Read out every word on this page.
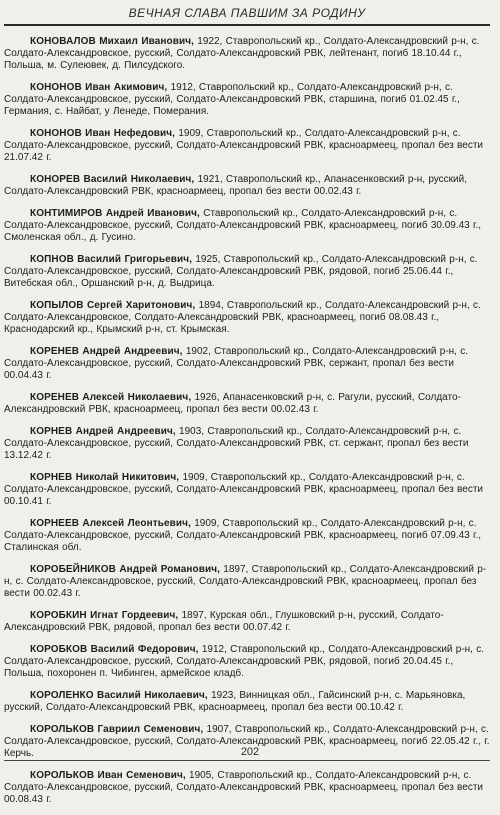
ВЕЧНАЯ СЛАВА ПАВШИМ ЗА РОДИНУ

КОНОВАЛОВ Михаил Иванович, 1922, Ставропольский кр., Солдато-Александровский р-н, с. Солдато-Александровское, русский, Солдато-Александровский РВК, лейтенант, погиб 18.10.44 г., Польша, м. Сулеювек, д. Пилсудского.

КОНОНОВ Иван Акимович, 1912, Ставропольский кр., Солдато-Александровский р-н, с. Солдато-Александровское, русский, Солдато-Александровский РВК, старшина, погиб 01.02.45 г., Германия, с. Найбат, у Ленеде, Померания.

КОНОНОВ Иван Нефедович, 1909, Ставропольский кр., Солдато-Александровский р-н, с. Солдато-Александровское, русский, Солдато-Александровский РВК, красноармеец, пропал без вести 21.07.42 г.

КОНОРЕВ Василий Николаевич, 1921, Ставропольский кр., Апанасенковский р-н, русский, Солдато-Александровский РВК, красноармеец, пропал без вести 00.02.43 г.

КОНТИМИРОВ Андрей Иванович, Ставропольский кр., Солдато-Александровский р-н, с. Солдато-Александровское, русский, Солдато-Александровский РВК, красноармеец, погиб 30.09.43 г., Смоленская обл., д. Гусино.

КОПНОВ Василий Григорьевич, 1925, Ставропольский кр., Солдато-Александровский р-н, с. Солдато-Александровское, русский, Солдато-Александровский РВК, рядовой, погиб 25.06.44 г., Витебская обл., Оршанский р-н, д. Выдрица.

КОПЫЛОВ Сергей Харитонович, 1894, Ставропольский кр., Солдато-Александровский р-н, с. Солдато-Александровское, Солдато-Александровский РВК, красноармеец, погиб 08.08.43 г., Краснодарский кр., Крымский р-н, ст. Крымская.

КОРЕНЕВ Андрей Андреевич, 1902, Ставропольский кр., Солдато-Александровский р-н, с. Солдато-Александровское, русский, Солдато-Александровский РВК, сержант, пропал без вести 00.04.43 г.

КОРЕНЕВ Алексей Николаевич, 1926, Апанасенковский р-н, с. Рагули, русский, Солдато-Александровский РВК, красноармеец, пропал без вести 00.02.43 г.

КОРНЕВ Андрей Андреевич, 1903, Ставропольский кр., Солдато-Александровский р-н, с. Солдато-Александровское, русский, Солдато-Александровский РВК, ст. сержант, пропал без вести 13.12.42 г.

КОРНЕВ Николай Никитович, 1909, Ставропольский кр., Солдато-Александровский р-н, с. Солдато-Александровское, русский, Солдато-Александровский РВК, красноармеец, пропал без вести 00.10.41 г.

КОРНЕЕВ Алексей Леонтьевич, 1909, Ставропольский кр., Солдато-Александровский р-н, с. Солдато-Александровское, русский, Солдато-Александровский РВК, красноармеец, погиб 07.09.43 г., Сталинская обл.

КОРОБЕЙНИКОВ Андрей Романович, 1897, Ставропольский кр., Солдато-Александровский р-н, с. Солдато-Александровское, русский, Солдато-Александровский РВК, красноармеец, пропал без вести 00.02.43 г.

КОРОБКИН Игнат Гордеевич, 1897, Курская обл., Глушковский р-н, русский, Солдато-Александровский РВК, рядовой, пропал без вести 00.07.42 г.

КОРОБКОВ Василий Федорович, 1912, Ставропольский кр., Солдато-Александровский р-н, с. Солдато-Александровское, русский, Солдато-Александровский РВК, рядовой, погиб 20.04.45 г., Польша, похоронен п. Чибинген, армейское кладб.

КОРОЛЕНКО Василий Николаевич, 1923, Винницкая обл., Гайсинский р-н, с. Марьяновка, русский, Солдато-Александровский РВК, красноармеец, пропал без вести 00.10.42 г.

КОРОЛЬКОВ Гавриил Семенович, 1907, Ставропольский кр., Солдато-Александровский р-н, с. Солдато-Александровское, русский, Солдато-Александровский РВК, красноармеец, погиб 22.05.42 г., г. Керчь.

КОРОЛЬКОВ Иван Семенович, 1905, Ставропольский кр., Солдато-Александровский р-н, с. Солдато-Александровское, русский, Солдато-Александровский РВК, красноармеец, пропал без вести 00.08.43 г.

202
